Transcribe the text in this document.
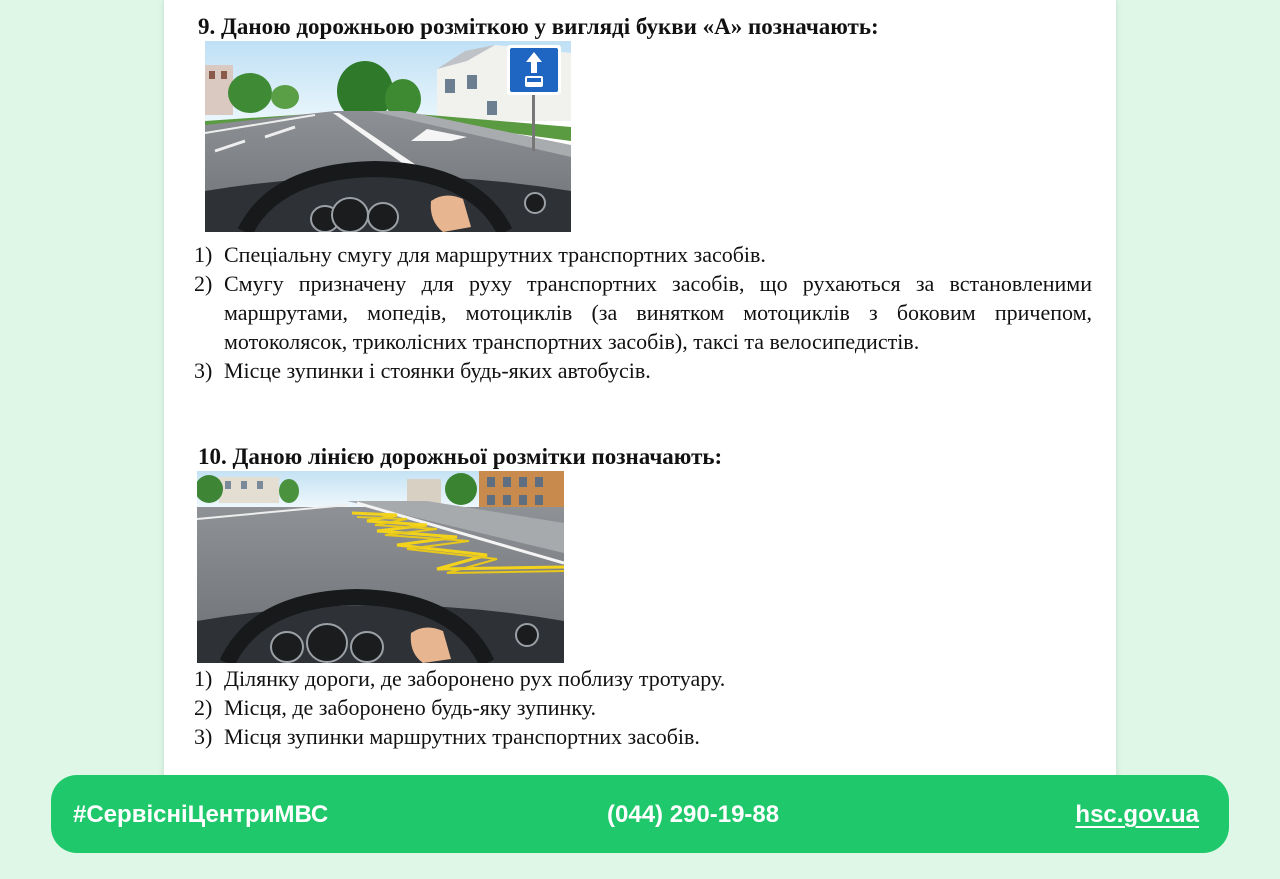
9. Даною дорожньою розміткою у вигляді букви «А» позначають:
1) Спеціальну смугу для маршрутних транспортних засобів.
2) Смугу призначену для руху транспортних засобів, що рухаються за встановленими маршрутами, мопедів, мотоциклів (за винятком мотоциклів з боковим причепом, мотоколясок, триколісних транспортних засобів), таксі та велосипедистів.
3) Місце зупинки і стоянки будь-яких автобусів.
10. Даною лінією дорожньої розмітки позначають:
1) Ділянку дороги, де заборонено рух поблизу тротуару.
2) Місця, де заборонено будь-яку зупинку.
3) Місця зупинки маршрутних транспортних засобів.
#СервісніЦентриМВС	(044) 290-19-88	hsc.gov.ua
